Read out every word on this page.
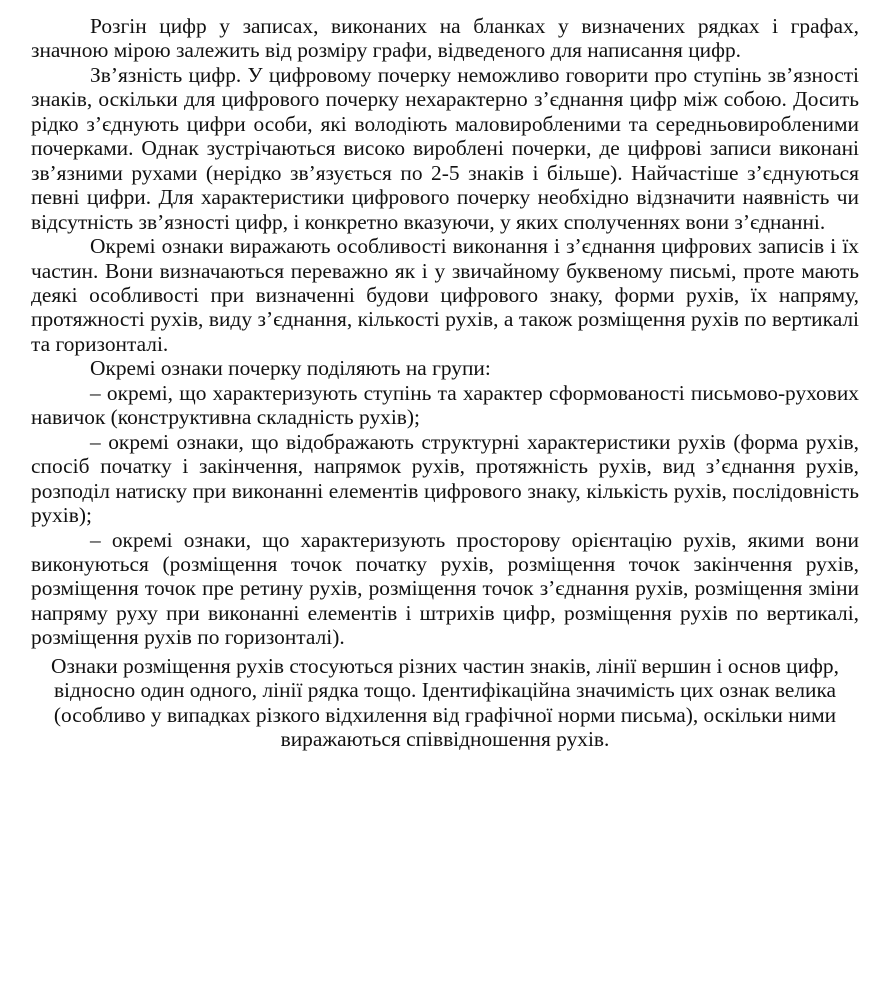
Розгін цифр у записах, виконаних на бланках у визначених рядках і графах, значною мірою залежить від розміру графи, відведеного для написання цифр.

Зв’язність цифр. У цифровому почерку неможливо говорити про ступінь зв’язності знаків, оскільки для цифрового почерку нехарактерно з’єднання цифр між собою. Досить рідко з’єднують цифри особи, які володіють маловиробленими та середньовиробленими почерками. Однак зустрічаються високо вироблені почерки, де цифрові записи виконані зв’язними рухами (нерідко зв’язується по 2-5 знаків і більше). Найчастіше з’єднуються певні цифри. Для характеристики цифрового почерку необхідно відзначити наявність чи відсутність зв’язності цифр, і конкретно вказуючи, у яких сполученнях вони з’єднанні.

Окремі ознаки виражають особливості виконання і з’єднання цифрових записів і їх частин. Вони визначаються переважно як і у звичайному буквеному письмі, проте мають деякі особливості при визначенні будови цифрового знаку, форми рухів, їх напряму, протяжності рухів, виду з’єднання, кількості рухів, а також розміщення рухів по вертикалі та горизонталі.

Окремі ознаки почерку поділяють на групи:

– окремі, що характеризують ступінь та характер сформованості письмово-рухових навичок (конструктивна складність рухів);

– окремі ознаки, що відображають структурні характеристики рухів (форма рухів, спосіб початку і закінчення, напрямок рухів, протяжність рухів, вид з’єднання рухів, розподіл натиску при виконанні елементів цифрового знаку, кількість рухів, послідовність рухів);

– окремі ознаки, що характеризують просторову орієнтацію рухів, якими вони виконуються (розміщення точок початку рухів, розміщення точок закінчення рухів, розміщення точок пре ретину рухів, розміщення точок з’єднання рухів, розміщення зміни напряму руху при виконанні елементів і штрихів цифр, розміщення рухів по вертикалі, розміщення рухів по горизонталі).

Ознаки розміщення рухів стосуються різних частин знаків, лінії вершин і основ цифр, відносно один одного, лінії рядка тощо. Ідентифікаційна значимість цих ознак велика (особливо у випадках різкого відхилення від графічної норми письма), оскільки ними виражаються співвідношення рухів.
